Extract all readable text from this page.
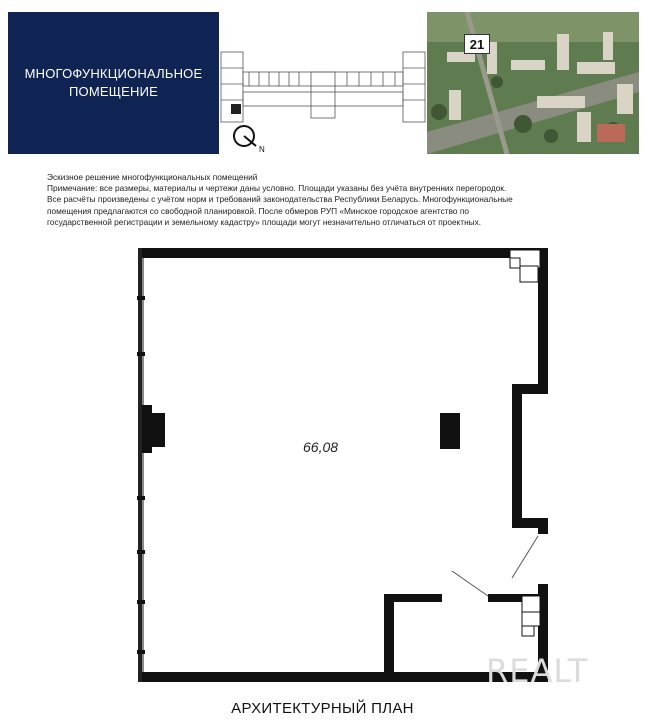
МНОГОФУНКЦИОНАЛЬНОЕ
ПОМЕЩЕНИЕ
N
21
Эскизное решение многофункциональных помещений
Примечание: все размеры, материалы и чертежи даны условно. Площади указаны без учёта внутренних перегородок.
Все расчёты произведены с учётом норм и требований законодательства Республики Беларусь. Многофункциональные
помещения предлагаются со свободной планировкой. После обмеров РУП «Минское городское агентство по
государственной регистрации и земельному кадастру» площади могут незначительно отличаться от проектных.
66,08
REALT
АРХИТЕКТУРНЫЙ ПЛАН
